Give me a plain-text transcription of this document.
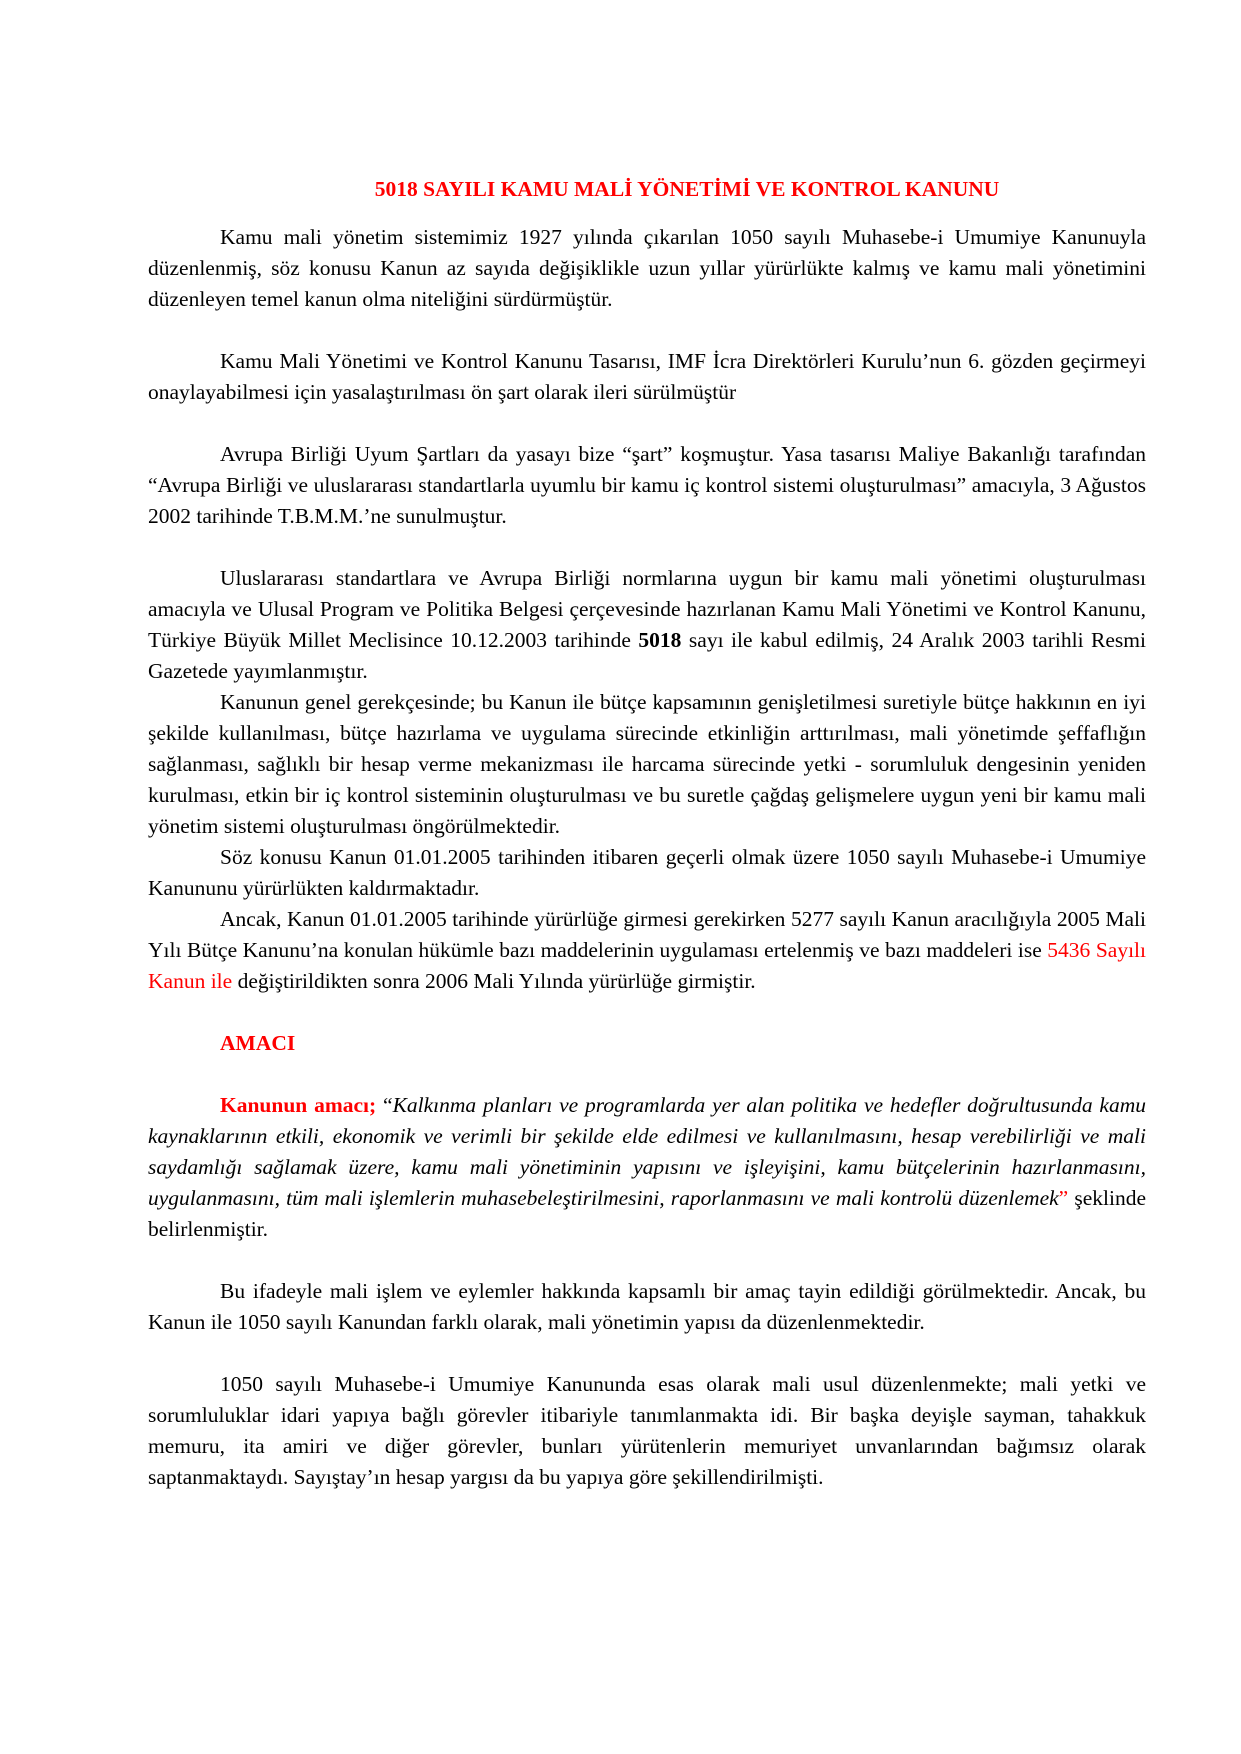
5018 SAYILI KAMU MALİ YÖNETİMİ VE KONTROL KANUNU

Kamu mali yönetim sistemimiz 1927 yılında çıkarılan 1050 sayılı Muhasebe-i Umumiye Kanunuyla düzenlenmiş, söz konusu Kanun az sayıda değişiklikle uzun yıllar yürürlükte kalmış ve kamu mali yönetimini düzenleyen temel kanun olma niteliğini sürdürmüştür.

Kamu Mali Yönetimi ve Kontrol Kanunu Tasarısı, IMF İcra Direktörleri Kurulu’nun 6. gözden geçirmeyi onaylayabilmesi için yasalaştırılması ön şart olarak ileri sürülmüştür

Avrupa Birliği Uyum Şartları da yasayı bize “şart” koşmuştur. Yasa tasarısı Maliye Bakanlığı tarafından “Avrupa Birliği ve uluslararası standartlarla uyumlu bir kamu iç kontrol sistemi oluşturulması” amacıyla, 3 Ağustos 2002 tarihinde T.B.M.M.’ne sunulmuştur.

Uluslararası standartlara ve Avrupa Birliği normlarına uygun bir kamu mali yönetimi oluşturulması amacıyla ve Ulusal Program ve Politika Belgesi çerçevesinde hazırlanan Kamu Mali Yönetimi ve Kontrol Kanunu, Türkiye Büyük Millet Meclisince 10.12.2003 tarihinde 5018 sayı ile kabul edilmiş, 24 Aralık 2003 tarihli Resmi Gazetede yayımlanmıştır.

Kanunun genel gerekçesinde; bu Kanun ile bütçe kapsamının genişletilmesi suretiyle bütçe hakkının en iyi şekilde kullanılması, bütçe hazırlama ve uygulama sürecinde etkinliğin arttırılması, mali yönetimde şeffaflığın sağlanması, sağlıklı bir hesap verme mekanizması ile harcama sürecinde yetki - sorumluluk dengesinin yeniden kurulması, etkin bir iç kontrol sisteminin oluşturulması ve bu suretle çağdaş gelişmelere uygun yeni bir kamu mali yönetim sistemi oluşturulması öngörülmektedir.

Söz konusu Kanun 01.01.2005 tarihinden itibaren geçerli olmak üzere 1050 sayılı Muhasebe-i Umumiye Kanununu yürürlükten kaldırmaktadır.

Ancak, Kanun 01.01.2005 tarihinde yürürlüğe girmesi gerekirken 5277 sayılı Kanun aracılığıyla 2005 Mali Yılı Bütçe Kanunu’na konulan hükümle bazı maddelerinin uygulaması ertelenmiş ve bazı maddeleri ise 5436 Sayılı Kanun ile değiştirildikten sonra 2006 Mali Yılında yürürlüğe girmiştir.

AMACI

Kanunun amacı; “Kalkınma planları ve programlarda yer alan politika ve hedefler doğrultusunda kamu kaynaklarının etkili, ekonomik ve verimli bir şekilde elde edilmesi ve kullanılmasını, hesap verebilirliği ve mali saydamlığı sağlamak üzere, kamu mali yönetiminin yapısını ve işleyişini, kamu bütçelerinin hazırlanmasını, uygulanmasını, tüm mali işlemlerin muhasebeleştirilmesini, raporlanmasını ve mali kontrolü düzenlemek” şeklinde belirlenmiştir.

Bu ifadeyle mali işlem ve eylemler hakkında kapsamlı bir amaç tayin edildiği görülmektedir. Ancak, bu Kanun ile 1050 sayılı Kanundan farklı olarak, mali yönetimin yapısı da düzenlenmektedir.

1050 sayılı Muhasebe-i Umumiye Kanununda esas olarak mali usul düzenlenmekte; mali yetki ve sorumluluklar idari yapıya bağlı görevler itibariyle tanımlanmakta idi. Bir başka deyişle sayman, tahakkuk memuru, ita amiri ve diğer görevler, bunları yürütenlerin memuriyet unvanlarından bağımsız olarak saptanmaktaydı. Sayıştay’ın hesap yargısı da bu yapıya göre şekillendirilmişti.
